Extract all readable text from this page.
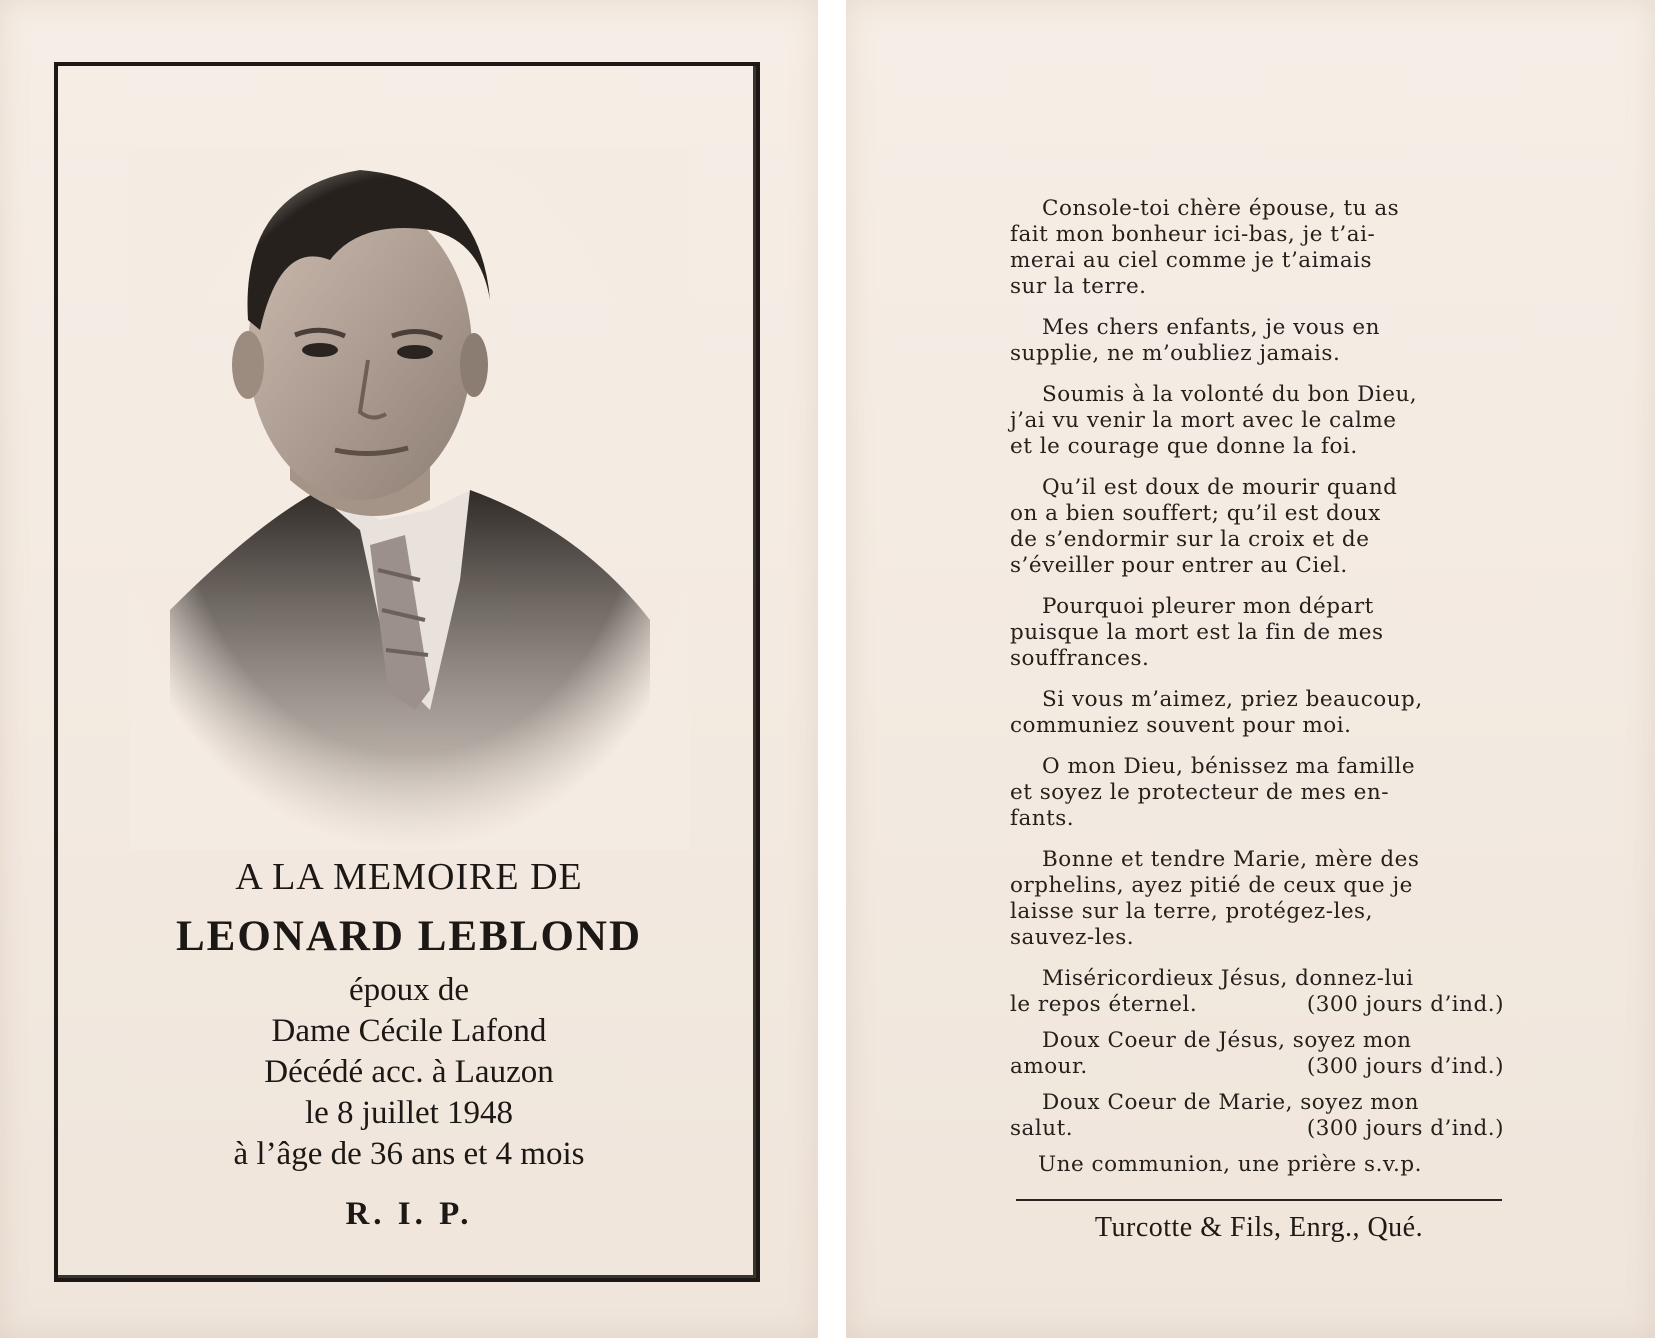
A LA MEMOIRE DE

LEONARD LEBLOND

époux de

Dame Cécile Lafond

Décédé acc. à Lauzon

le 8 juillet 1948

à l’âge de 36 ans et 4 mois

R. I. P.

Console-toi chère épouse, tu as
fait mon bonheur ici-bas, je t’ai-
merai au ciel comme je t’aimais
sur la terre.
Mes chers enfants, je vous en
supplie, ne m’oubliez jamais.
Soumis à la volonté du bon Dieu,
j’ai vu venir la mort avec le calme
et le courage que donne la foi.
Qu’il est doux de mourir quand
on a bien souffert; qu’il est doux
de s’endormir sur la croix et de
s’éveiller pour entrer au Ciel.
Pourquoi pleurer mon départ
puisque la mort est la fin de mes
souffrances.
Si vous m’aimez, priez beaucoup,
communiez souvent pour moi.
O mon Dieu, bénissez ma famille
et soyez le protecteur de mes en-
fants.
Bonne et tendre Marie, mère des
orphelins, ayez pitié de ceux que je
laisse sur la terre, protégez-les,
sauvez-les.
Miséricordieux Jésus, donnez-lui
le repos éternel.	(300 jours d’ind.)
Doux Coeur de Jésus, soyez mon
amour.	(300 jours d’ind.)
Doux Coeur de Marie, soyez mon
salut.	(300 jours d’ind.)

Une communion, une prière s.v.p.

Turcotte & Fils, Enrg., Qué.
